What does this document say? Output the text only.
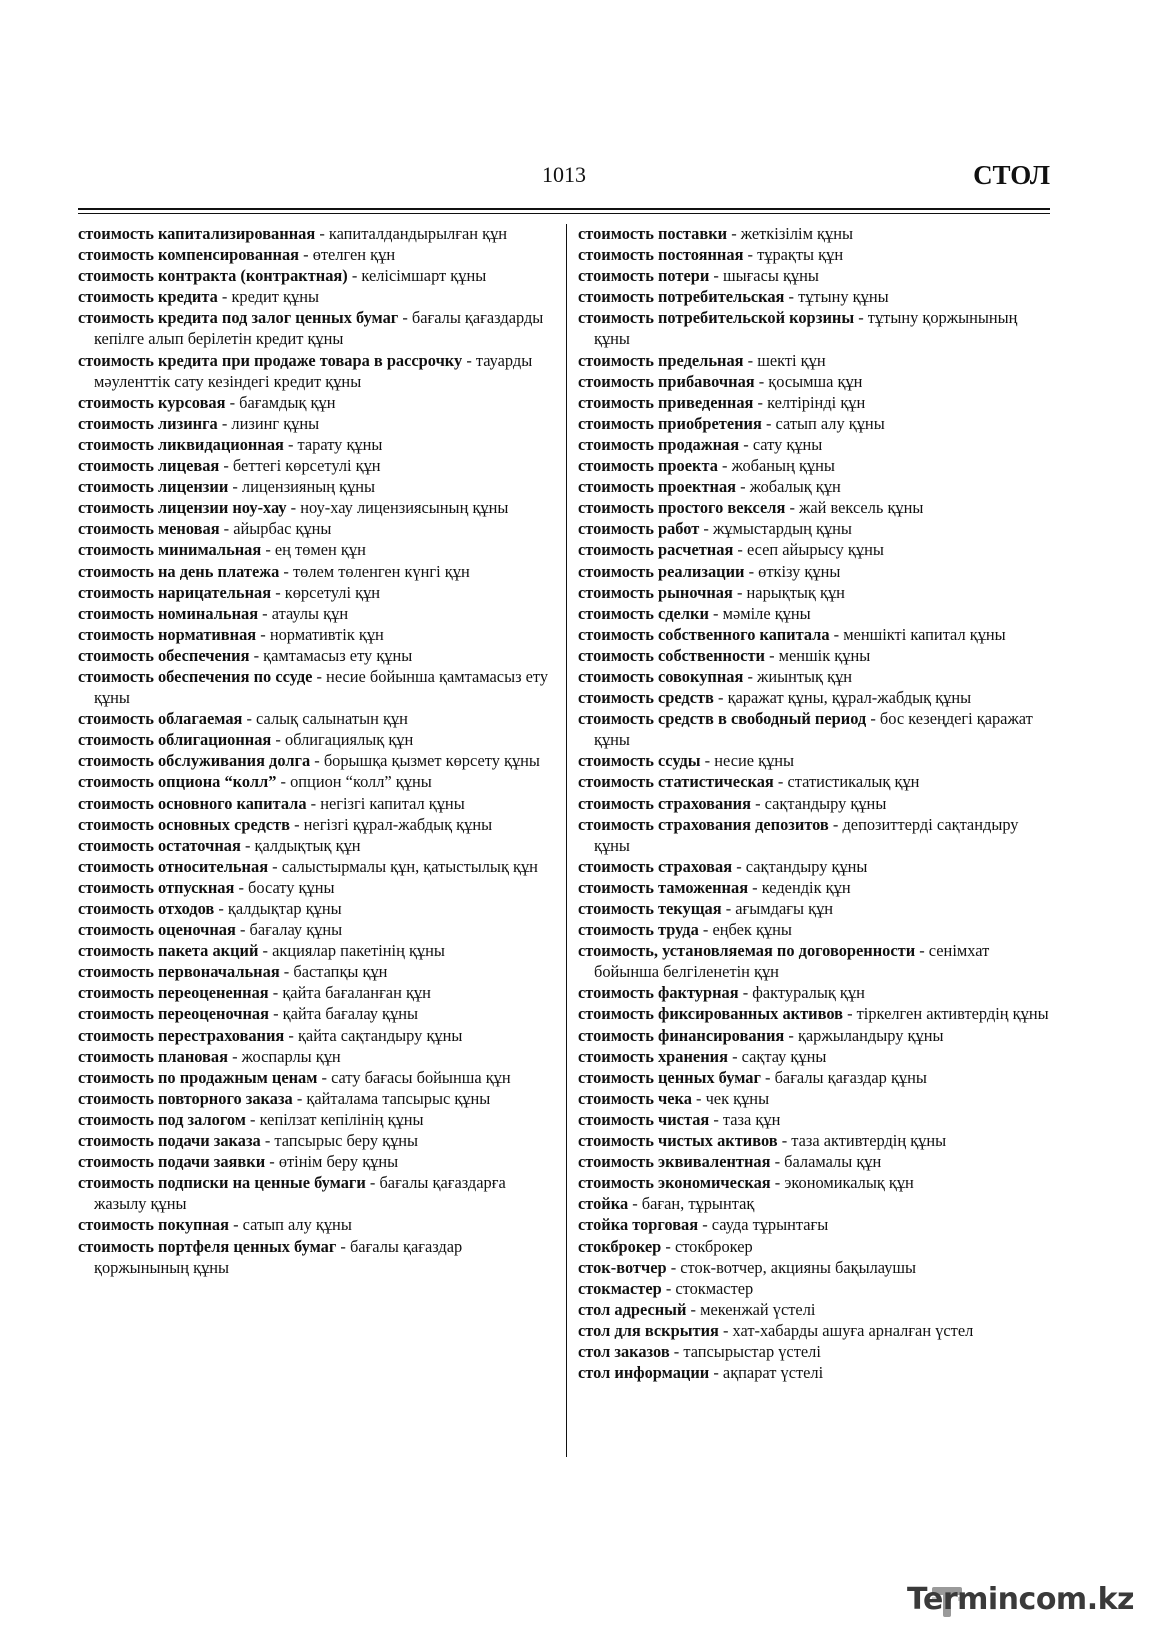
1013	СТОЛ

стоимость капитализированная - капиталдандырылған құн

стоимость компенсированная - өтелген құн

стоимость контракта (контрактная) - келісімшарт құны

стоимость кредита - кредит құны

стоимость кредита под залог ценных бумаг - бағалы қағаздарды кепілге алып берілетін кредит құны

стоимость кредита при продаже товара в рассрочку - тауарды мәуленттік сату кезіндегі кредит құны

стоимость курсовая - бағамдық құн

стоимость лизинга - лизинг құны

стоимость ликвидационная - тарату құны

стоимость лицевая - беттегі көрсетулі құн

стоимость лицензии - лицензияның құны

стоимость лицензии ноу-хау - ноу-хау лицензиясының құны

стоимость меновая - айырбас құны

стоимость минимальная - ең төмен құн

стоимость на день платежа - төлем төленген күнгі құн

стоимость нарицательная - көрсетулі құн

стоимость номинальная - атаулы құн

стоимость нормативная - нормативтік құн

стоимость обеспечения - қамтамасыз ету құны

стоимость обеспечения по ссуде - несие бойынша қамтамасыз ету құны

стоимость облагаемая - салық салынатын құн

стоимость облигационная - облигациялық құн

стоимость обслуживания долга - борышқа қызмет көрсету құны

стоимость опциона “колл” - опцион “колл” құны

стоимость основного капитала - негізгі капитал құны

стоимость основных средств - негізгі құрал-жабдық құны

стоимость остаточная - қалдықтық құн

стоимость относительная - салыстырмалы құн, қатыстылық құн

стоимость отпускная - босату құны

стоимость отходов - қалдықтар құны

стоимость оценочная - бағалау құны

стоимость пакета акций - акциялар пакетінің құны

стоимость первоначальная - бастапқы құн

стоимость переоцененная - қайта бағаланған құн

стоимость переоценочная - қайта бағалау құны

стоимость перестрахования - қайта сақтандыру құны

стоимость плановая - жоспарлы құн

стоимость по продажным ценам - сату бағасы бойынша құн

стоимость повторного заказа - қайталама тапсырыс құны

стоимость под залогом - кепілзат кепілінің құны

стоимость подачи заказа - тапсырыс беру құны

стоимость подачи заявки - өтінім беру құны

стоимость подписки на ценные бумаги - бағалы қағаздарға жазылу құны

стоимость покупная - сатып алу құны

стоимость портфеля ценных бумаг - бағалы қағаздар қоржынының құны

стоимость поставки - жеткізілім құны

стоимость постоянная - тұрақты құн

стоимость потери - шығасы құны

стоимость потребительская - тұтыну құны

стоимость потребительской корзины - тұтыну қоржынының құны

стоимость предельная - шекті құн

стоимость прибавочная - қосымша құн

стоимость приведенная - келтірінді құн

стоимость приобретения - сатып алу құны

стоимость продажная - сату құны

стоимость проекта - жобаның құны

стоимость проектная - жобалық құн

стоимость простого векселя - жай вексель құны

стоимость работ - жұмыстардың құны

стоимость расчетная - есеп айырысу құны

стоимость реализации - өткізу құны

стоимость рыночная - нарықтық құн

стоимость сделки - мәміле құны

стоимость собственного капитала - меншікті капитал құны

стоимость собственности - меншік құны

стоимость совокупная - жиынтық құн

стоимость средств - қаражат құны, құрал-жабдық құны

стоимость средств в свободный период - бос кезеңдегі қаражат құны

стоимость ссуды - несие құны

стоимость статистическая - статистикалық құн

стоимость страхования - сақтандыру құны

стоимость страхования депозитов - депозиттерді сақтандыру құны

стоимость страховая - сақтандыру құны

стоимость таможенная - кедендік құн

стоимость текущая - ағымдағы құн

стоимость труда - еңбек құны

стоимость, установляемая по договоренности - сенімхат бойынша белгіленетін құн

стоимость фактурная - фактуралық құн

стоимость фиксированных активов - тіркелген активтердің құны

стоимость финансирования - қаржыландыру құны

стоимость хранения - сақтау құны

стоимость ценных бумаг - бағалы қағаздар құны

стоимость чека - чек құны

стоимость чистая - таза құн

стоимость чистых активов - таза активтердің құны

стоимость эквивалентная - баламалы құн

стоимость экономическая - экономикалық құн

стойка - баған, тұрынтақ

стойка торговая - сауда тұрынтағы

стокброкер - стокброкер

сток-вотчер - сток-вотчер, акцияны бақылаушы

стокмастер - стокмастер

стол адресный - мекенжай үстелі

стол для вскрытия - хат-хабарды ашуға арналған үстел

стол заказов - тапсырыстар үстелі

стол информации - ақпарат үстелі

Termincom.kz
